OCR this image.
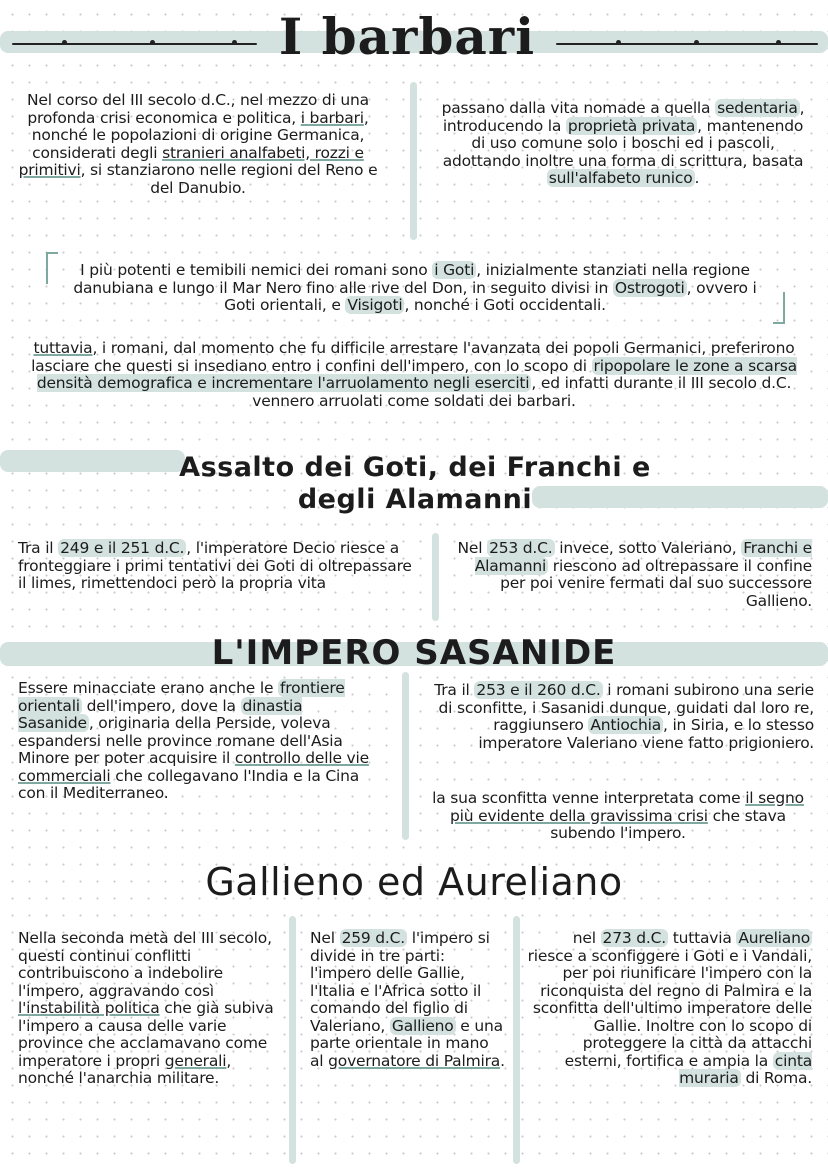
I barbari

Nel corso del III secolo d.C., nel mezzo di una profonda crisi economica e politica, i barbari, nonché le popolazioni di origine Germanica, considerati degli stranieri analfabeti, rozzi e primitivi, si stanziarono nelle regioni del Reno e del Danubio.

passano dalla vita nomade a quella sedentaria , introducendo la proprietà privata , mantenendo di uso comune solo i boschi ed i pascoli, adottando inoltre una forma di scrittura, basata sull'alfabeto runico .

I più potenti e temibili nemici dei romani sono i Goti , inizialmente stanziati nella regione danubiana e lungo il Mar Nero fino alle rive del Don, in seguito divisi in Ostrogoti , ovvero i Goti orientali, e Visigoti , nonché i Goti occidentali.

tuttavia, i romani, dal momento che fu difficile arrestare l'avanzata dei popoli Germanici, preferirono lasciare che questi si insediano entro i confini dell'impero, con lo scopo di ripopolare le zone a scarsa densità demografica e incrementare l'arruolamento negli eserciti , ed infatti durante il III secolo d.C. vennero arruolati come soldati dei barbari.

Assalto dei Goti, dei Franchi e
degli Alamanni

Tra il 249 e il 251 d.C. , l'imperatore Decio riesce a fronteggiare i primi tentativi dei Goti di oltrepassare il limes, rimettendoci però la propria vita

Nel 253 d.C. invece, sotto Valeriano, Franchi e Alamanni riescono ad oltrepassare il confine per poi venire fermati dal suo successore Gallieno.

L'IMPERO SASANIDE

Essere minacciate erano anche le frontiere orientali dell'impero, dove la dinastia Sasanide , originaria della Perside, voleva espandersi nelle province romane dell'Asia Minore per poter acquisire il controllo delle vie commerciali che collegavano l'India e la Cina con il Mediterraneo.

Tra il 253 e il 260 d.C. i romani subirono una serie di sconfitte, i Sasanidi dunque, guidati dal loro re, raggiunsero Antiochia , in Siria, e lo stesso imperatore Valeriano viene fatto prigioniero.

la sua sconfitta venne interpretata come il segno più evidente della gravissima crisi che stava subendo l'impero.

Gallieno ed Aureliano

Nella seconda metà del III secolo, questi continui conflitti contribuiscono a indebolire l'impero, aggravando così l'instabilità politica che già subiva l'impero a causa delle varie province che acclamavano come imperatore i propri generali, nonché l'anarchia militare.

Nel 259 d.C. l'impero si divide in tre parti: l'impero delle Gallie, l'Italia e l'Africa sotto il comando del figlio di Valeriano, Gallieno e una parte orientale in mano al governatore di Palmira.

nel 273 d.C. tuttavia Aureliano riesce a sconfiggere i Goti e i Vandali, per poi riunificare l'impero con la riconquista del regno di Palmira e la sconfitta dell'ultimo imperatore delle Gallie. Inoltre con lo scopo di proteggere la città da attacchi esterni, fortifica e ampia la cinta muraria di Roma.
